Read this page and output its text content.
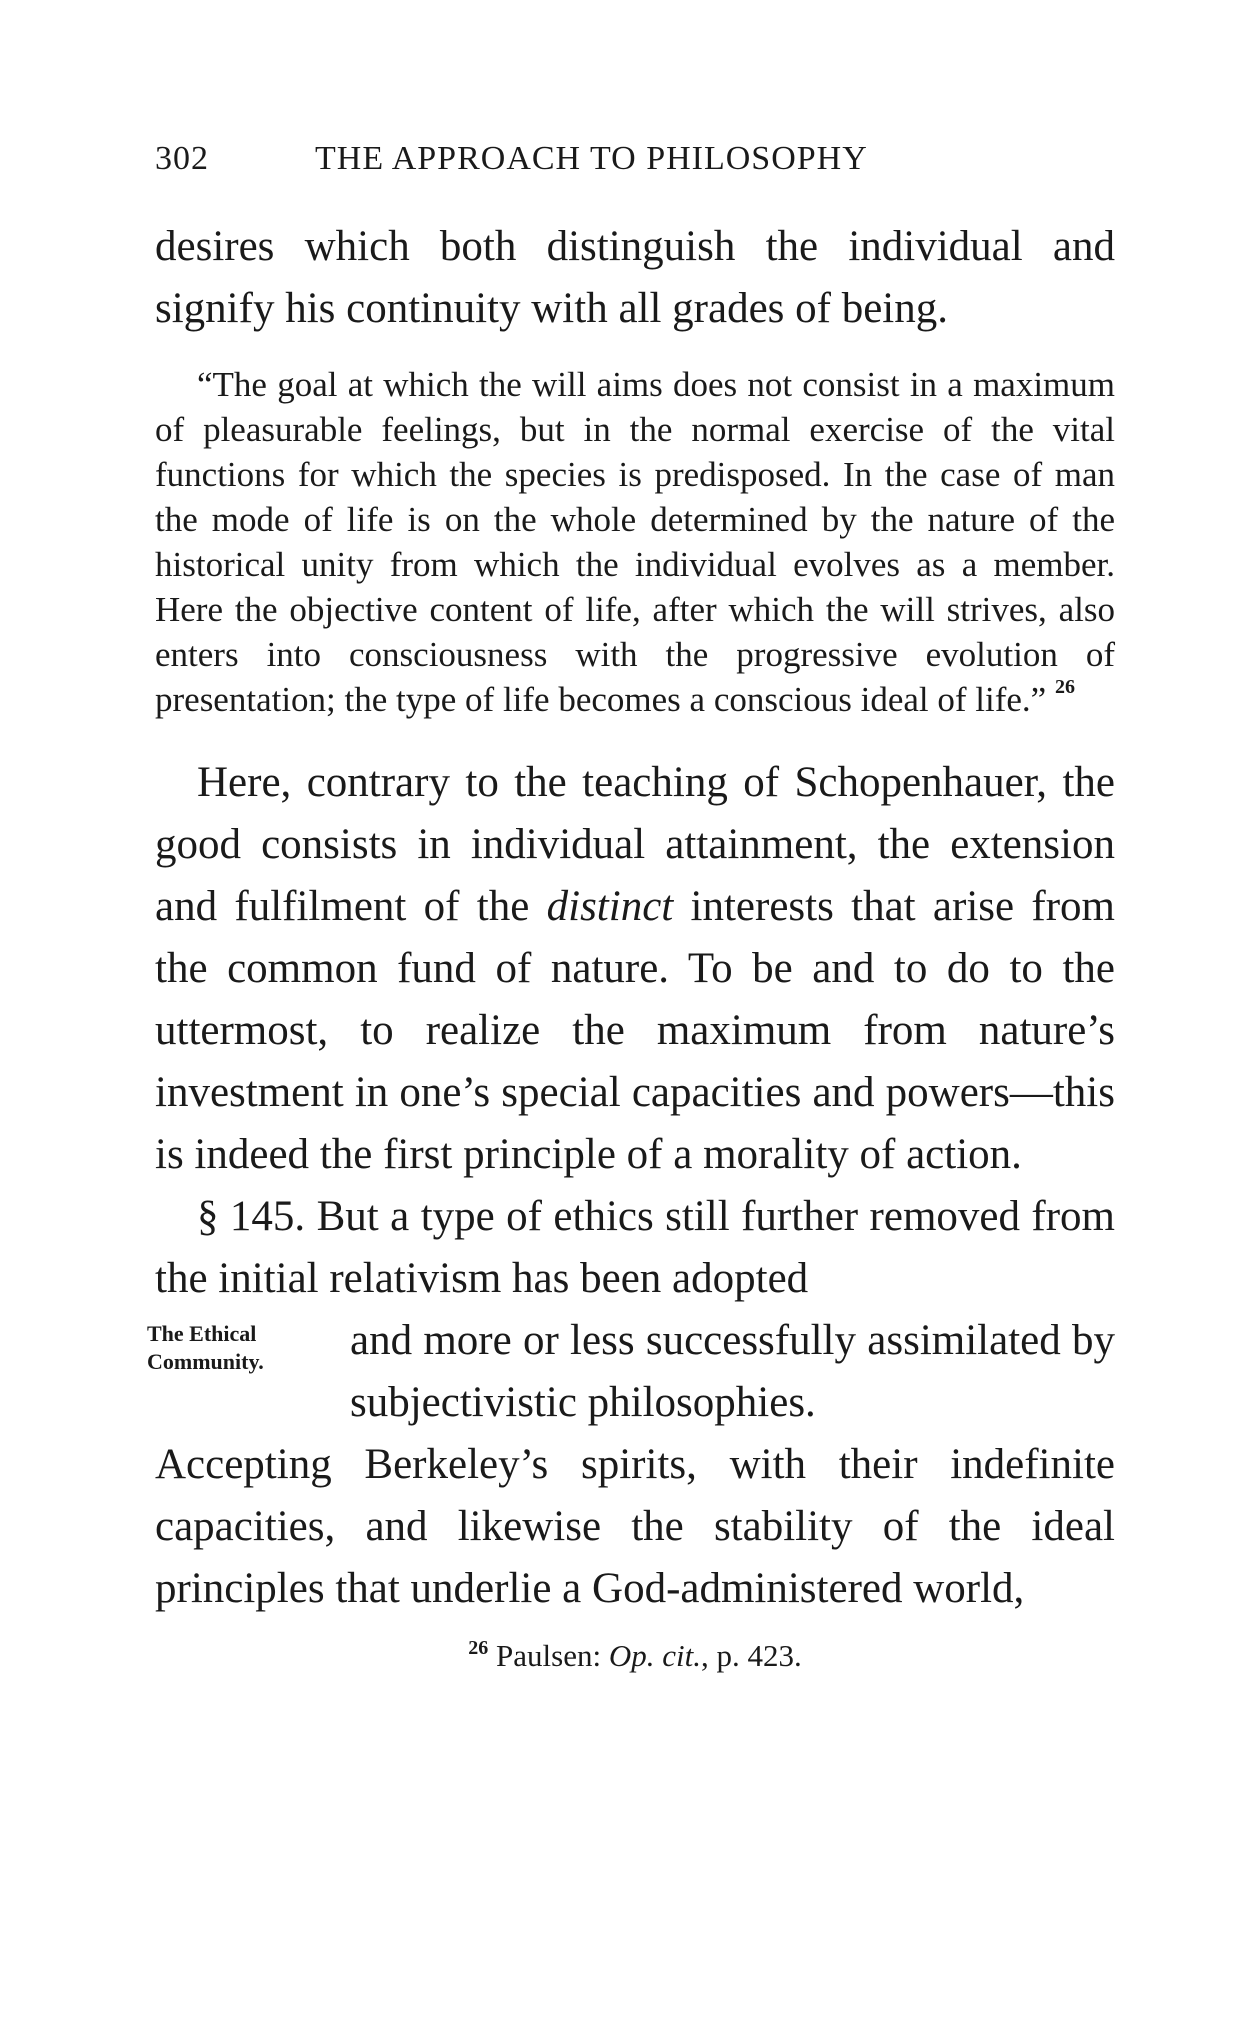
302	THE APPROACH TO PHILOSOPHY

desires which both distinguish the individual and signify his continuity with all grades of being.

“The goal at which the will aims does not consist in a maximum of pleasurable feelings, but in the normal exercise of the vital functions for which the species is predisposed. In the case of man the mode of life is on the whole determined by the nature of the historical unity from which the individual evolves as a member. Here the objective content of life, after which the will strives, also enters into consciousness with the progressive evolution of presentation; the type of life becomes a conscious ideal of life.” $^{26}$

Here, contrary to the teaching of Schopenhauer, the good consists in individual attainment, the extension and fulfilment of the distinct interests that arise from the common fund of nature. To be and to do to the uttermost, to realize the maximum from nature’s investment in one’s special capacities and powers—this is indeed the first principle of a morality of action.

§ 145. But a type of ethics still further removed from the initial relativism has been adopted

The Ethical
Community.	and more or less successfully assimilated by subjectivistic philosophies.

Accepting Berkeley’s spirits, with their indefinite capacities, and likewise the stability of the ideal principles that underlie a God-administered world,

$^{26}$ Paulsen: Op. cit., p. 423.
